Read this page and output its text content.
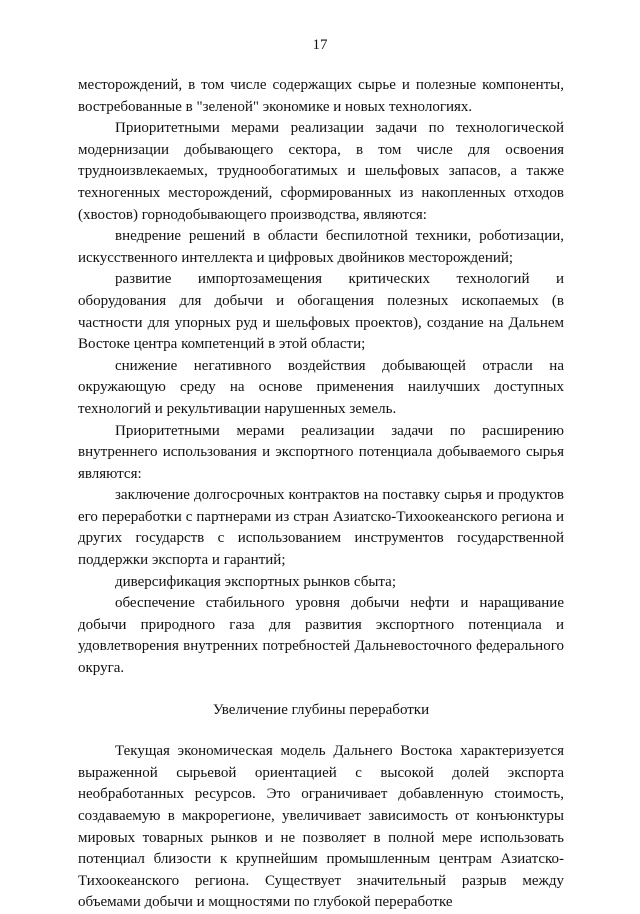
17

месторождений, в том числе содержащих сырье и полезные компоненты, востребованные в "зеленой" экономике и новых технологиях.

Приоритетными мерами реализации задачи по технологической модернизации добывающего сектора, в том числе для освоения трудноизвлекаемых, труднообогатимых и шельфовых запасов, а также техногенных месторождений, сформированных из накопленных отходов (хвостов) горнодобывающего производства, являются:

внедрение решений в области беспилотной техники, роботизации, искусственного интеллекта и цифровых двойников месторождений;

развитие импортозамещения критических технологий и оборудования для добычи и обогащения полезных ископаемых (в частности для упорных руд и шельфовых проектов), создание на Дальнем Востоке центра компетенций в этой области;

снижение негативного воздействия добывающей отрасли на окружающую среду на основе применения наилучших доступных технологий и рекультивации нарушенных земель.

Приоритетными мерами реализации задачи по расширению внутреннего использования и экспортного потенциала добываемого сырья являются:

заключение долгосрочных контрактов на поставку сырья и продуктов его переработки с партнерами из стран Азиатско-Тихоокеанского региона и других государств с использованием инструментов государственной поддержки экспорта и гарантий;

диверсификация экспортных рынков сбыта;

обеспечение стабильного уровня добычи нефти и наращивание добычи природного газа для развития экспортного потенциала и удовлетворения внутренних потребностей Дальневосточного федерального округа.

Увеличение глубины переработки

Текущая экономическая модель Дальнего Востока характеризуется выраженной сырьевой ориентацией с высокой долей экспорта необработанных ресурсов. Это ограничивает добавленную стоимость, создаваемую в макрорегионе, увеличивает зависимость от конъюнктуры мировых товарных рынков и не позволяет в полной мере использовать потенциал близости к крупнейшим промышленным центрам Азиатско-Тихоокеанского региона. Существует значительный разрыв между объемами добычи и мощностями по глубокой переработке
